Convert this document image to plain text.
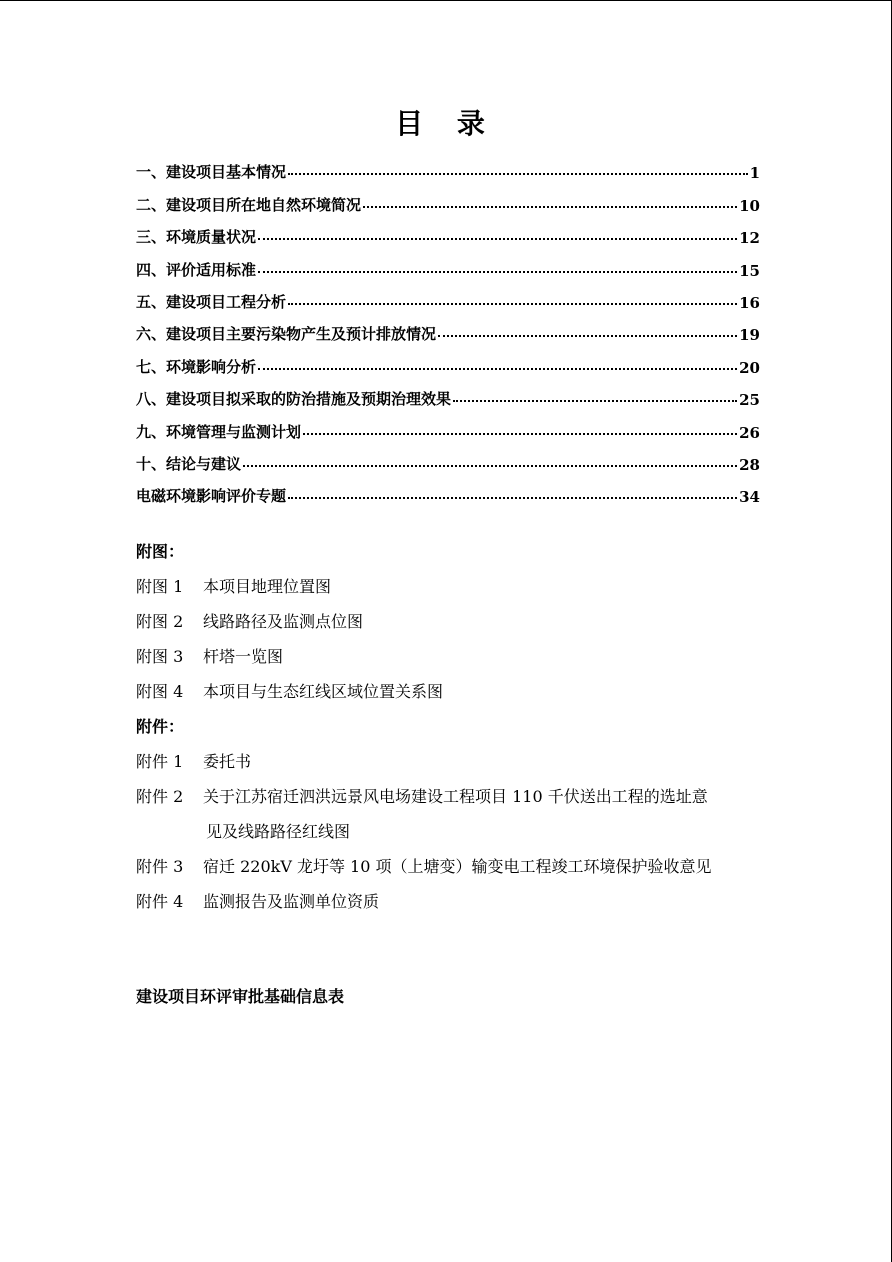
目 录
一、建设项目基本情况	1
二、建设项目所在地自然环境简况	10
三、环境质量状况	12
四、评价适用标准	15
五、建设项目工程分析	16
六、建设项目主要污染物产生及预计排放情况	19
七、环境影响分析	20
八、建设项目拟采取的防治措施及预期治理效果	25
九、环境管理与监测计划	26
十、结论与建议	28
电磁环境影响评价专题	34
附图：
附图 1	本项目地理位置图
附图 2	线路路径及监测点位图
附图 3	杆塔一览图
附图 4	本项目与生态红线区域位置关系图
附件：
附件 1	委托书
附件 2	关于江苏宿迁泗洪远景风电场建设工程项目 110 千伏送出工程的选址意
见及线路路径红线图
附件 3	宿迁 220kV 龙圩等 10 项（上塘变）输变电工程竣工环境保护验收意见
附件 4	监测报告及监测单位资质
建设项目环评审批基础信息表
